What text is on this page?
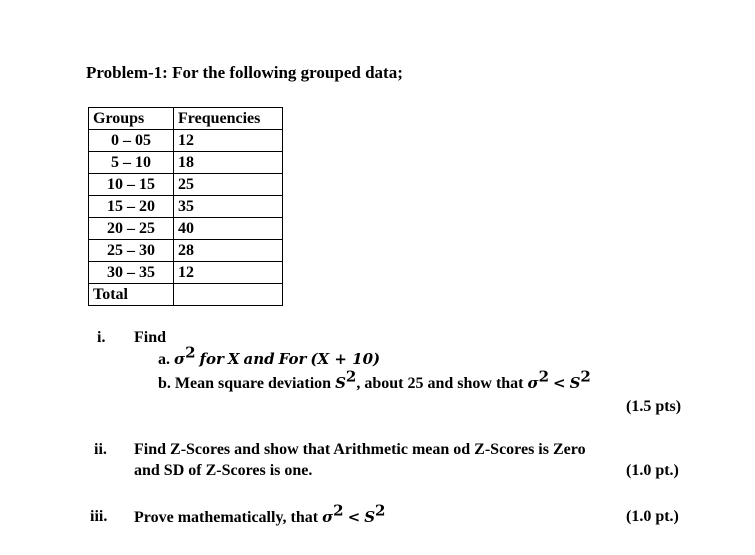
Problem-1: For the following grouped data;
Groups	Frequencies
0 – 05	12
5 – 10	18
10 – 15	25
15 – 20	35
20 – 25	40
25 – 30	28
30 – 35	12
Total	
i. Find
a. $\sigma^2$ for X and For (X + 10)
b. Mean square deviation $S^2$, about 25 and show that $\sigma^2 < S^2$
(1.5 pts)
ii. Find Z-Scores and show that Arithmetic mean od Z-Scores is Zero
and SD of Z-Scores is one.	(1.0 pt.)
iii. Prove mathematically, that $\sigma^2 < S^2$	(1.0 pt.)
